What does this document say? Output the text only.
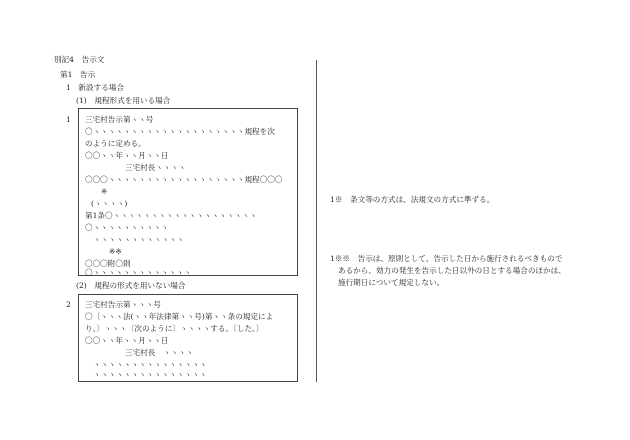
別記4　告示文
第1　告示
1　新設する場合
(1)　規程形式を用いる場合
1 三宅村告示第ヽヽ号
〇ヽヽヽヽヽヽヽヽヽヽヽヽヽヽヽヽヽヽヽヽ規程を次
のように定める。
〇〇ヽヽ年ヽヽ月ヽヽ日
三宅村長ヽヽヽヽ
〇〇〇ヽヽヽヽヽヽヽヽヽヽヽヽヽヽヽヽヽヽ規程〇〇〇
※
(ヽヽヽヽ)
第1条〇ヽヽヽヽヽヽヽヽヽヽヽヽヽヽヽヽヽヽヽ
〇ヽヽヽヽヽヽヽヽヽヽ
ヽヽヽヽヽヽヽヽヽヽヽヽ
※※
〇〇〇附〇則
〇ヽヽヽヽヽヽヽヽヽヽヽヽヽ
(2)　規程の形式を用いない場合
2 三宅村告示第ヽヽヽ号
〇〔ヽヽヽ法(ヽヽ年法律第ヽヽ号)第ヽヽ条の規定によ
り、〕ヽヽヽ〔次のように〕ヽヽヽヽする。〔した。〕
〇〇ヽヽ年ヽヽ月ヽヽ日
三宅村長　ヽヽヽヽ
ヽヽヽヽヽヽヽヽヽヽヽヽヽヽヽ
ヽヽヽヽヽヽヽヽヽヽヽヽヽヽヽ
1※　条文等の方式は、法規文の方式に準ずる。
1※※　告示は、原則として、告示した日から施行されるべきもので
あるから、効力の発生を告示した日以外の日とする場合のほかは、
施行期日について規定しない。
